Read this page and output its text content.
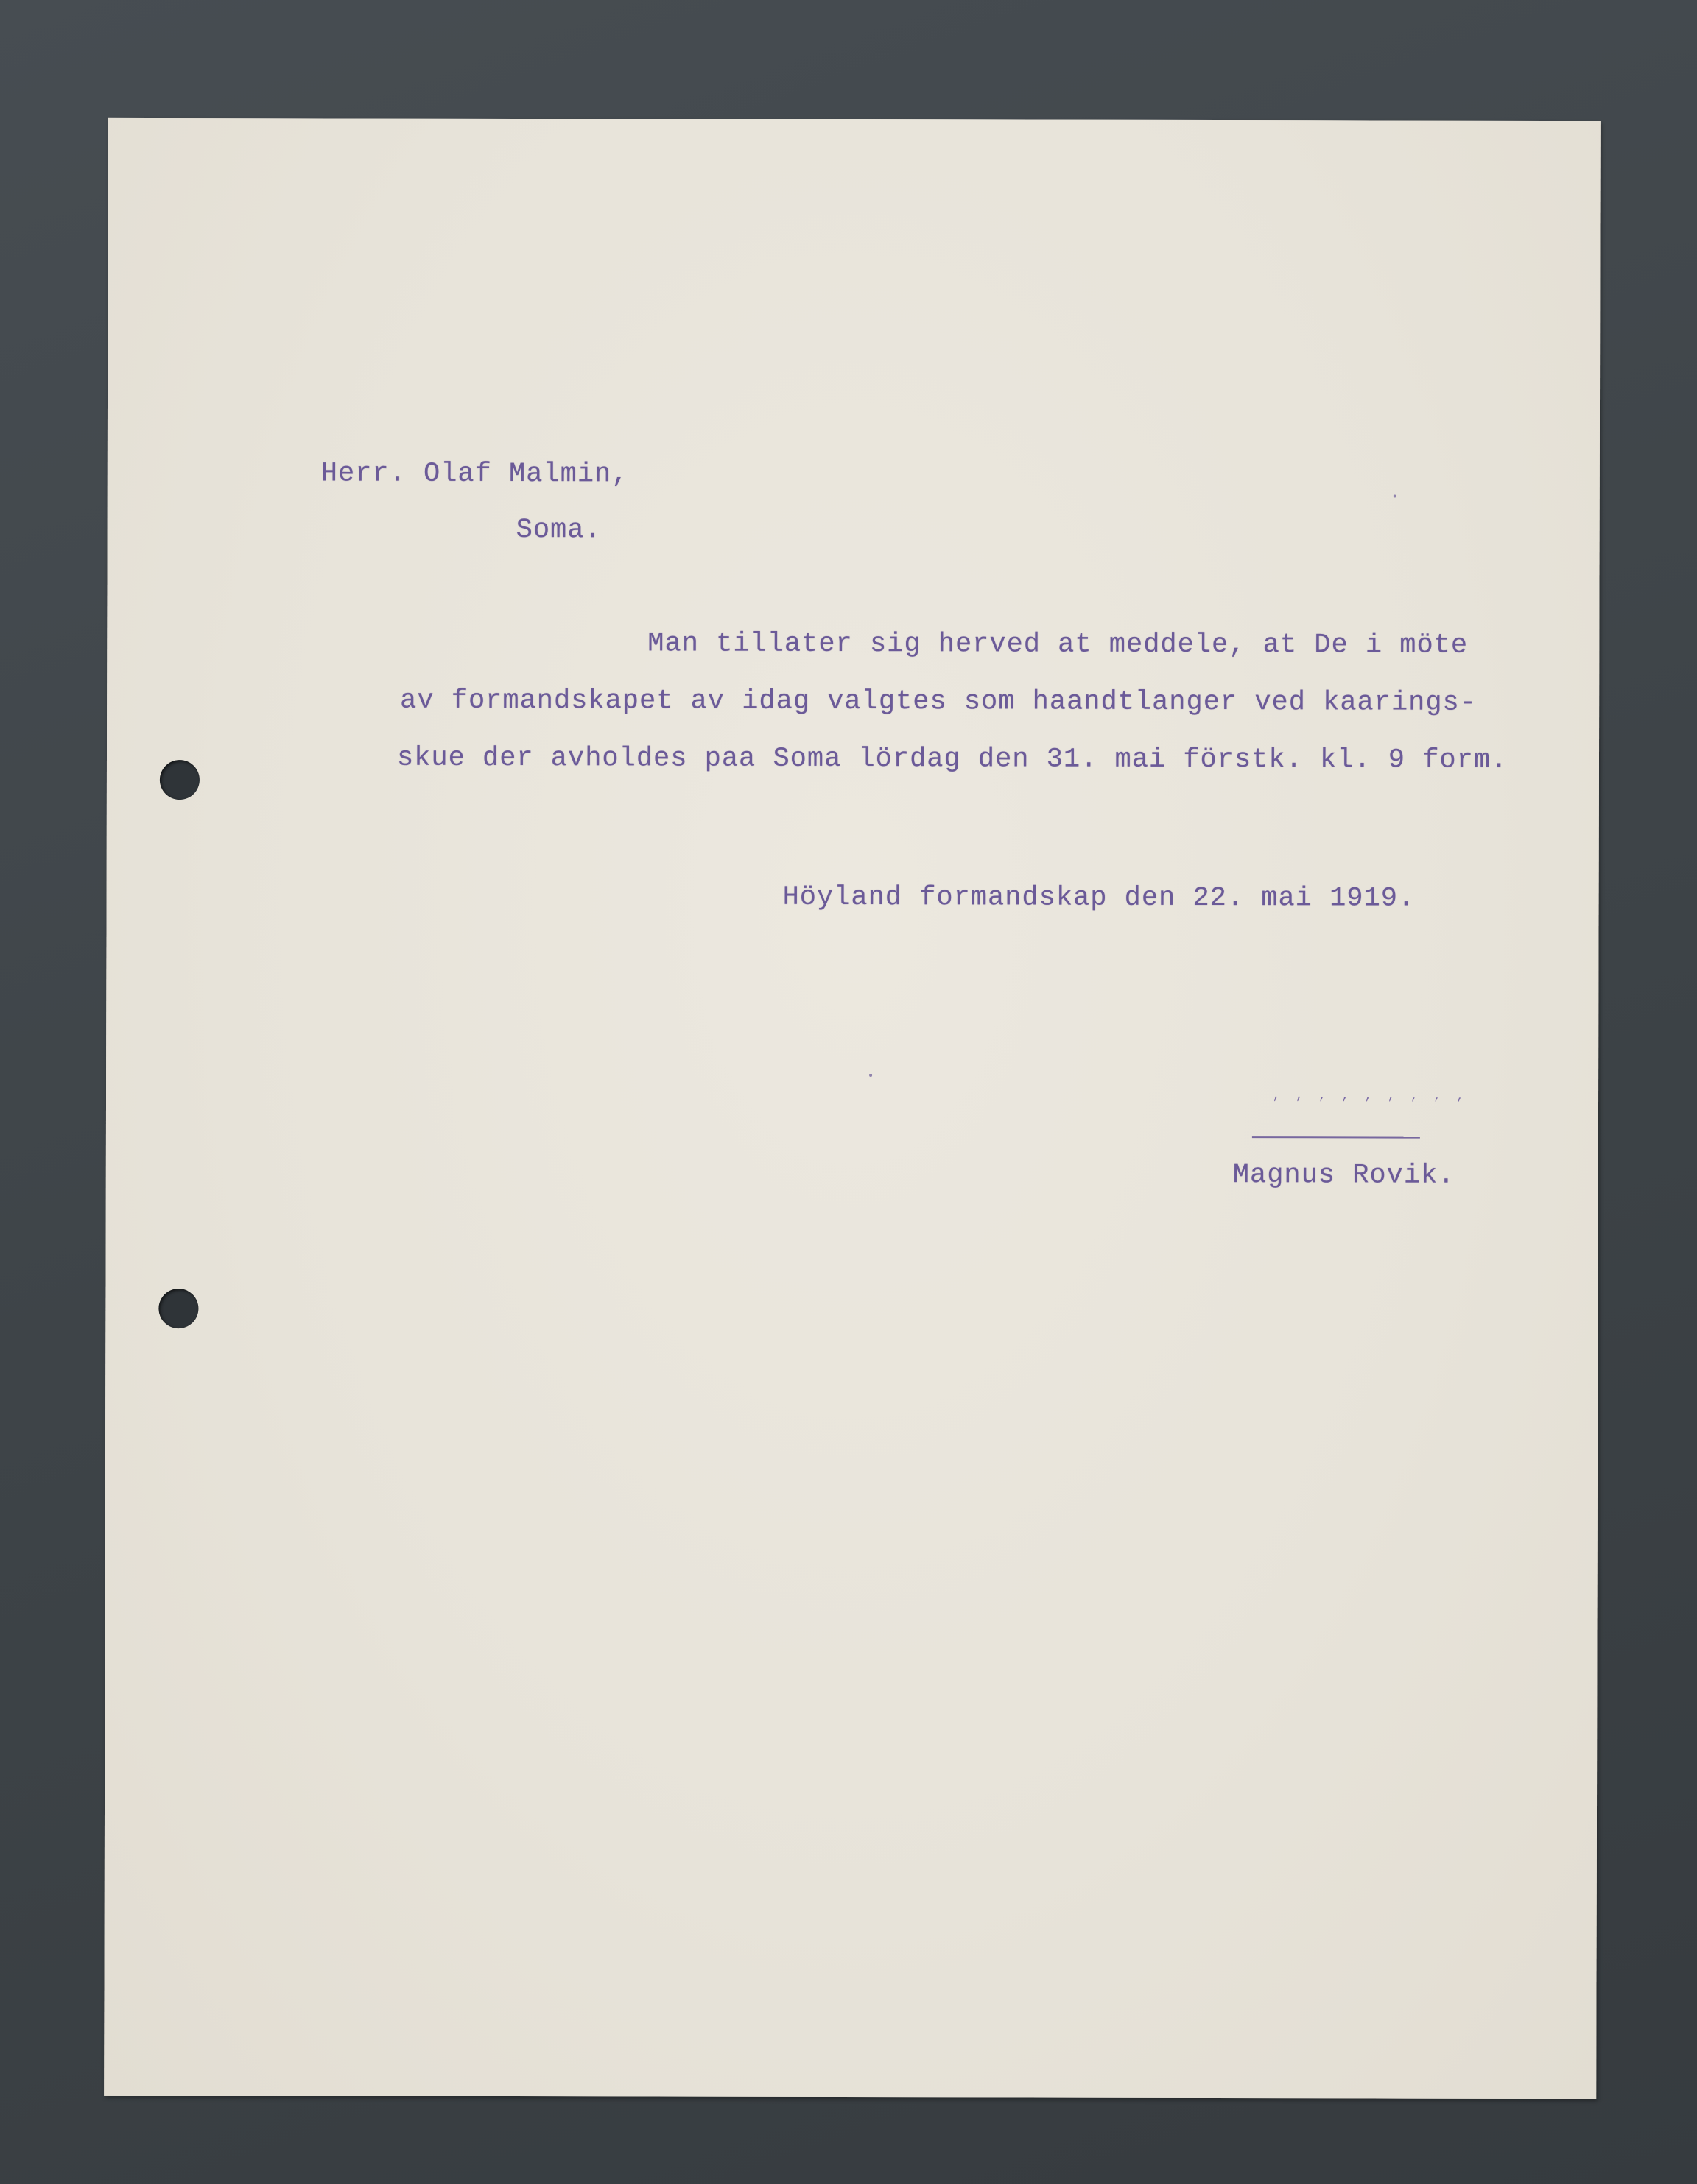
Herr. Olaf Malmin,
Soma.
Man tillater sig herved at meddele, at De i möte
av formandskapet av idag valgtes som haandtlanger ved kaarings-
skue der avholdes paa Soma lördag den 31. mai förstk. kl. 9 form.
Höyland formandskap den 22. mai 1919.
, , , , , , , , ,
Magnus Rovik.
